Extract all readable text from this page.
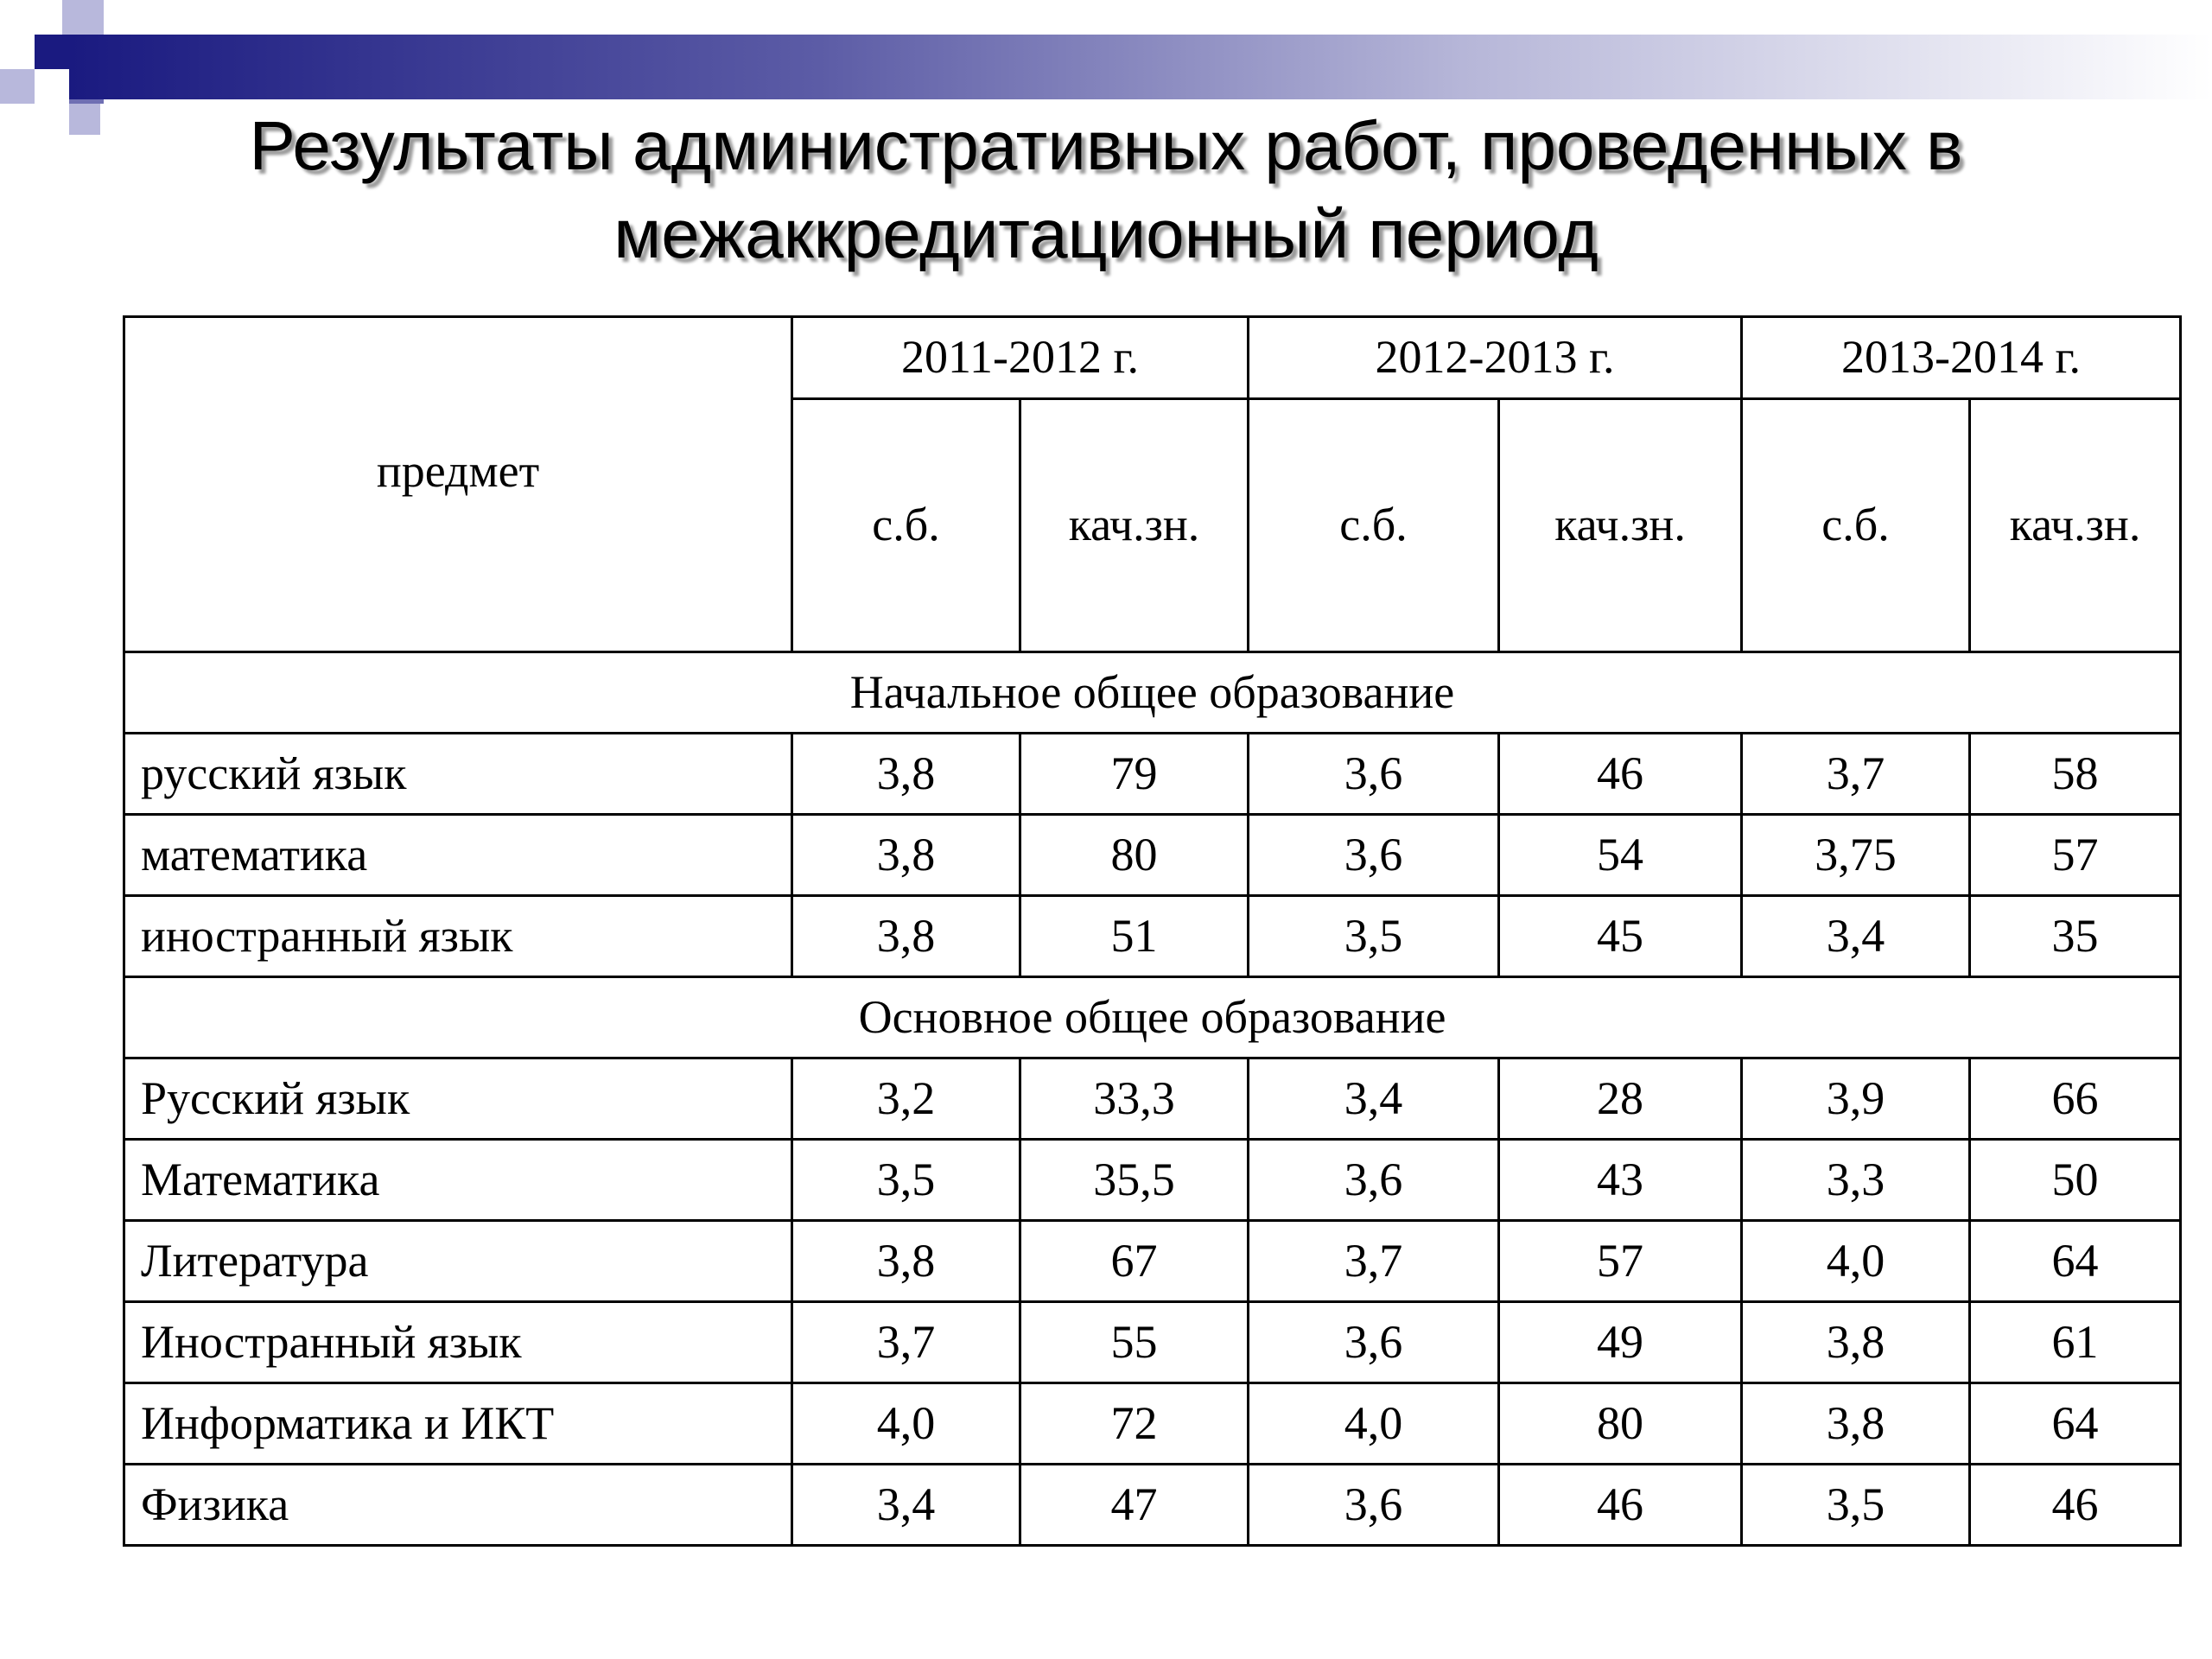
Результаты административных работ, проведенных в
межаккредитационный период
предмет	2011-2012 г.		2012-2013 г.		2013-2014 г.	
	с.б.	кач.зн.	с.б.	кач.зн.	с.б.	кач.зн.
Начальное общее образование						
русский язык	3,8	79	3,6	46	3,7	58
математика	3,8	80	3,6	54	3,75	57
иностранный язык	3,8	51	3,5	45	3,4	35
Основное общее образование						
Русский язык	3,2	33,3	3,4	28	3,9	66
Математика	3,5	35,5	3,6	43	3,3	50
Литература	3,8	67	3,7	57	4,0	64
Иностранный язык	3,7	55	3,6	49	3,8	61
Информатика и ИКТ	4,0	72	4,0	80	3,8	64
Физика	3,4	47	3,6	46	3,5	46
